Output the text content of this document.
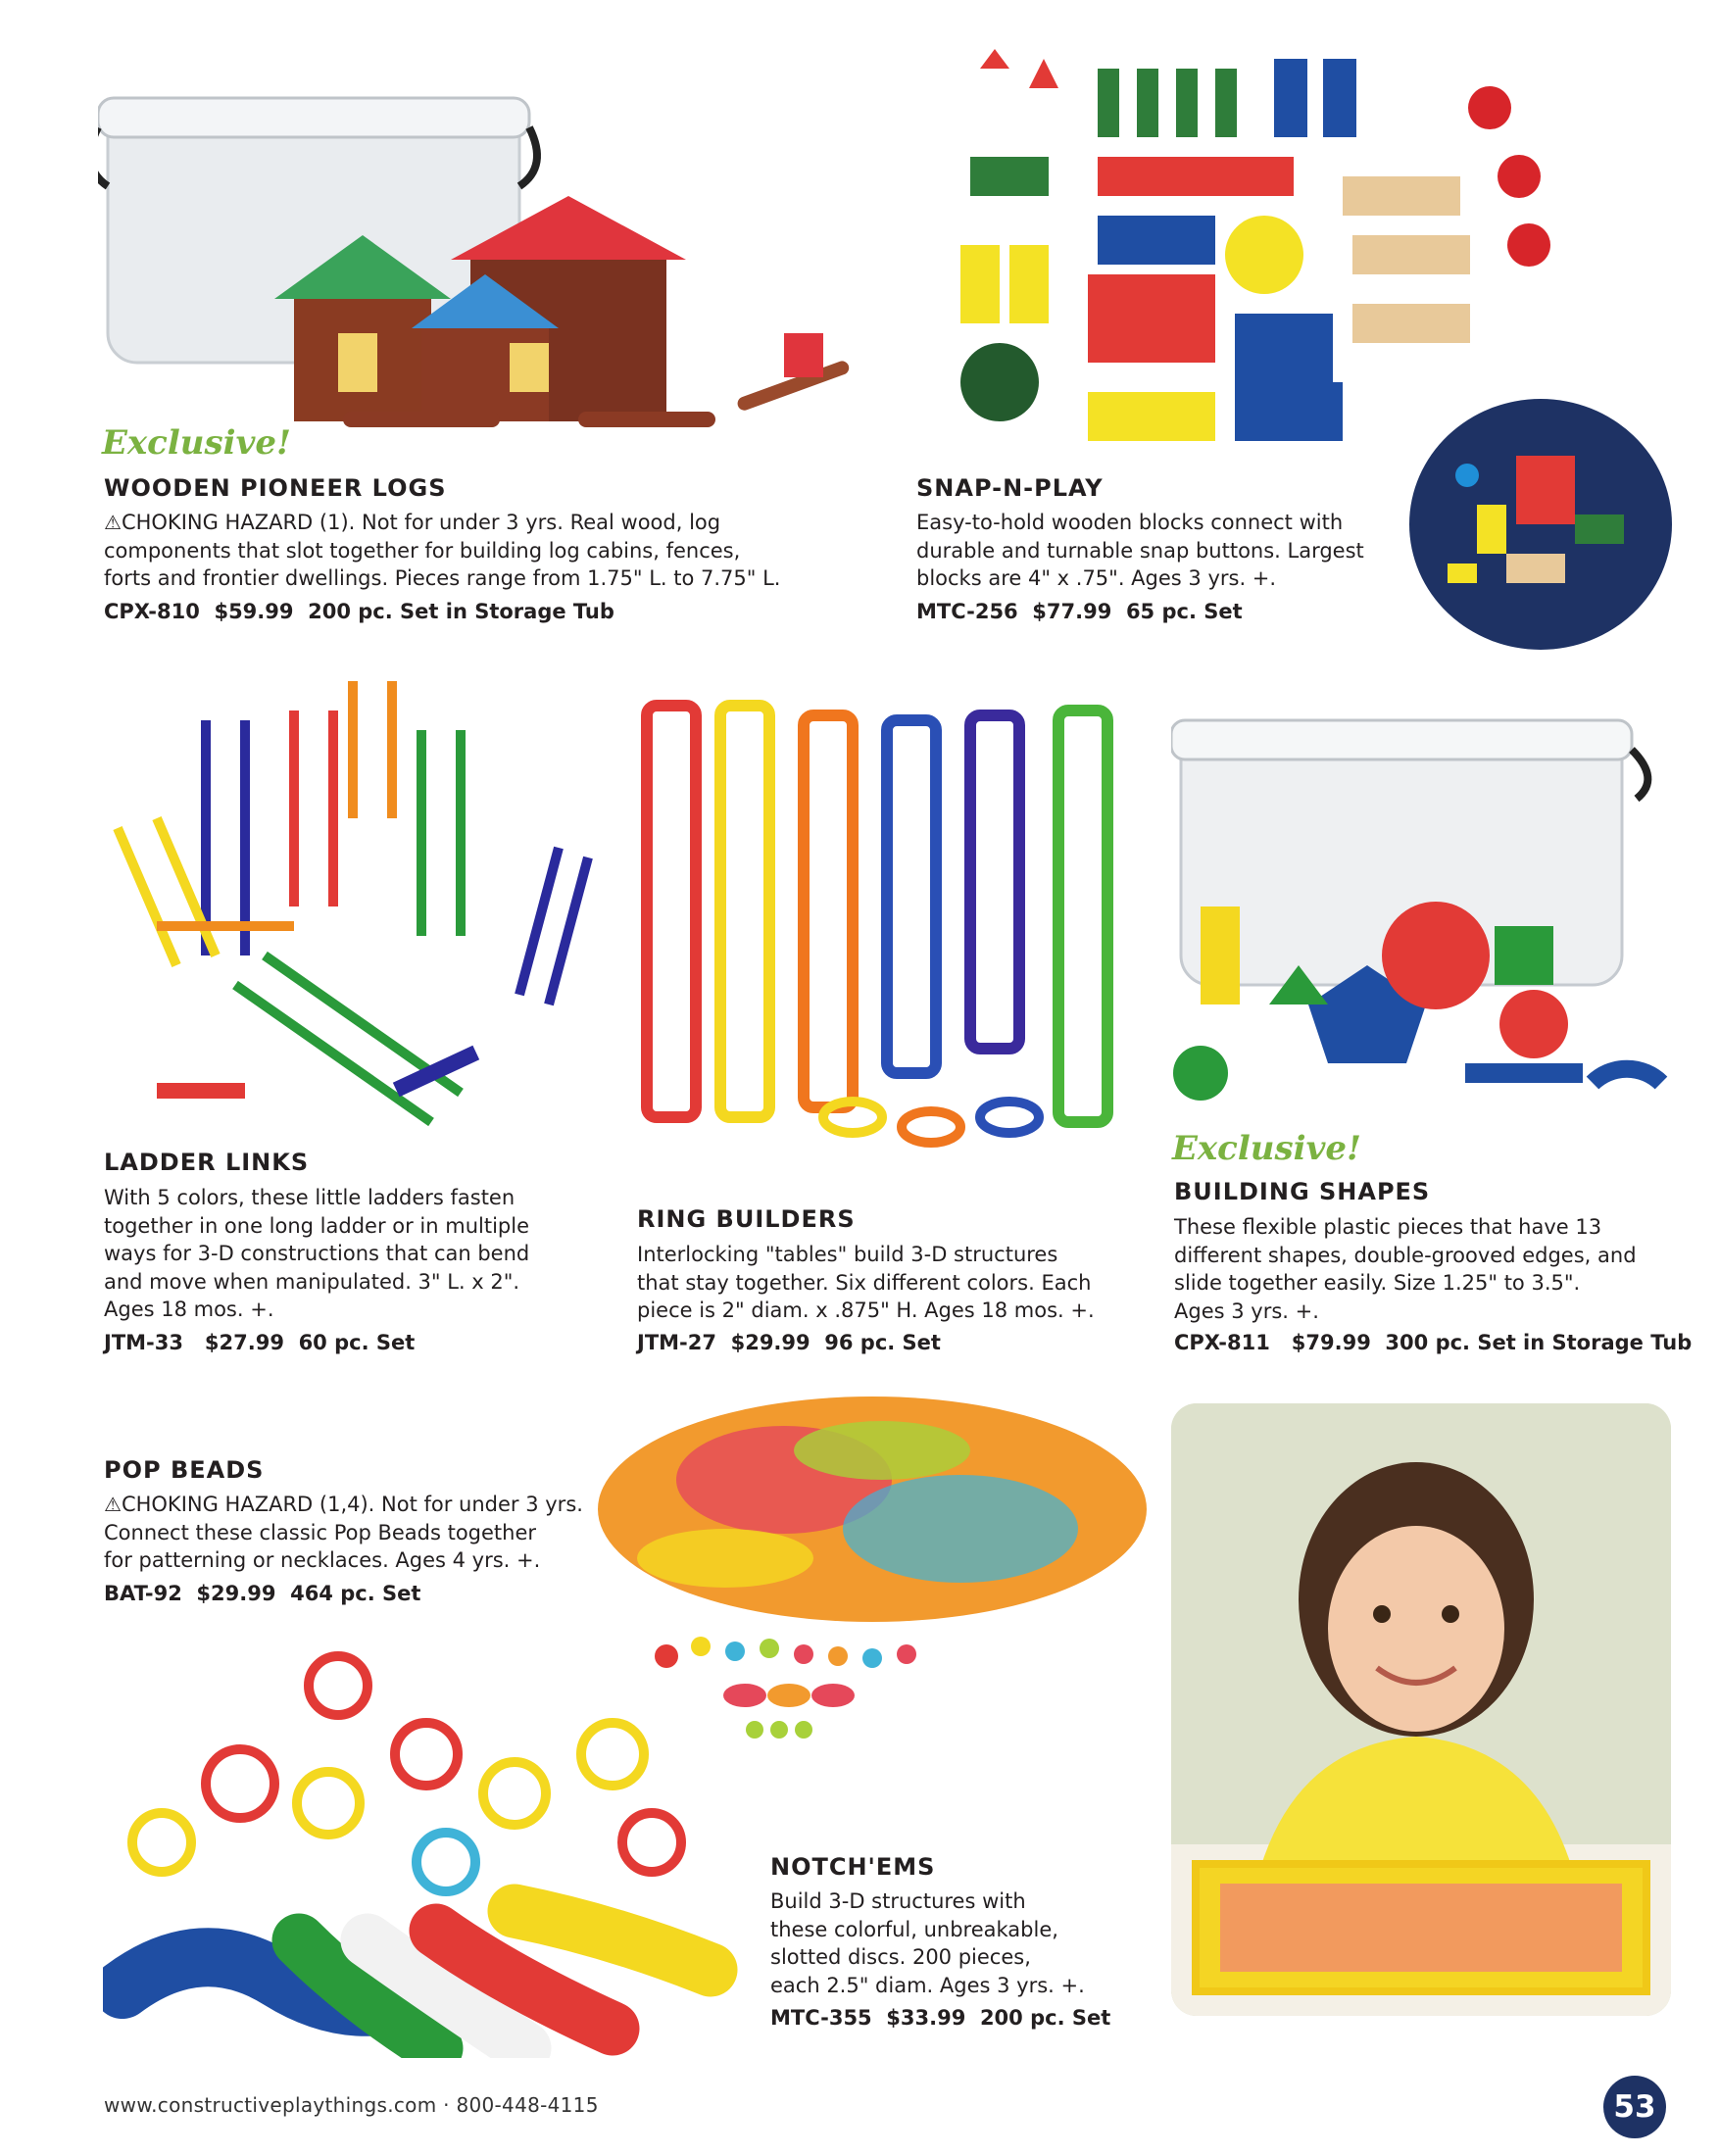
Exclusive!
WOODEN PIONEER LOGS
⚠CHOKING HAZARD (1). Not for under 3 yrs. Real wood, log
components that slot together for building log cabins, fences,
forts and frontier dwellings. Pieces range from 1.75" L. to 7.75" L.
CPX-810  $59.99  200 pc. Set in Storage Tub
SNAP-N-PLAY
Easy-to-hold wooden blocks connect with
durable and turnable snap buttons. Largest
blocks are 4" x .75". Ages 3 yrs. +.
MTC-256  $77.99  65 pc. Set
LADDER LINKS
With 5 colors, these little ladders fasten
together in one long ladder or in multiple
ways for 3-D constructions that can bend
and move when manipulated. 3" L. x 2".
Ages 18 mos. +.
JTM-33   $27.99  60 pc. Set
RING BUILDERS
Interlocking "tables" build 3-D structures
that stay together. Six different colors. Each
piece is 2" diam. x .875" H. Ages 18 mos. +.
JTM-27  $29.99  96 pc. Set
Exclusive!
BUILDING SHAPES
These flexible plastic pieces that have 13
different shapes, double-grooved edges, and
slide together easily. Size 1.25" to 3.5".
Ages 3 yrs. +.
CPX-811   $79.99  300 pc. Set in Storage Tub
POP BEADS
⚠CHOKING HAZARD (1,4). Not for under 3 yrs.
Connect these classic Pop Beads together
for patterning or necklaces. Ages 4 yrs. +.
BAT-92  $29.99  464 pc. Set
NOTCH'EMS
Build 3-D structures with
these colorful, unbreakable,
slotted discs. 200 pieces,
each 2.5" diam. Ages 3 yrs. +.
MTC-355  $33.99  200 pc. Set
www.constructiveplaythings.com · 800-448-4115	53
